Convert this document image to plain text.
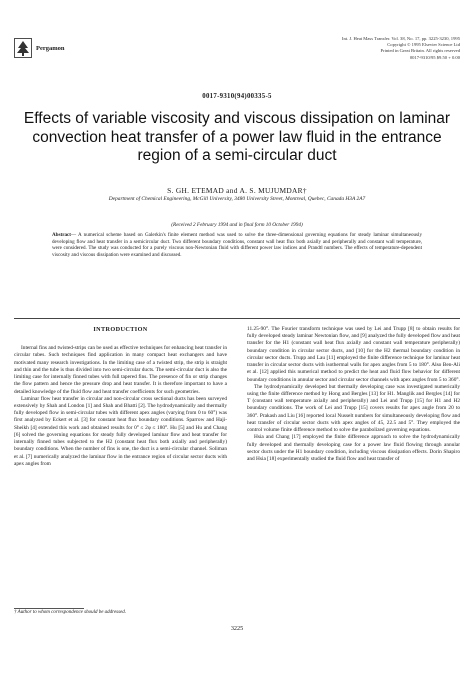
Pergamon
Int. J. Heat Mass Transfer. Vol. 38, No. 17, pp. 3225-3230, 1995
Copyright © 1995 Elsevier Science Ltd
Printed in Great Britain. All rights reserved
0017-9310/95 $9.50 + 0.00
0017-9310(94)00335-5
Effects of variable viscosity and viscous dissipation on laminar convection heat transfer of a power law fluid in the entrance region of a semi-circular duct
S. GH. ETEMAD and A. S. MUJUMDAR†
Department of Chemical Engineering, McGill University, 3480 University Street, Montreal, Quebec, Canada H3A 2A7
(Received 2 February 1994 and in final form 10 October 1994)
Abstract— A numerical scheme based on Galerkin's finite element method was used to solve the three-dimensional governing equations for steady laminar simultaneously developing flow and heat transfer in a semicircular duct. Two different boundary conditions, constant wall heat flux both axially and peripherally and constant wall temperature, were considered. The study was conducted for a purely viscous non-Newtonian fluid with different power law indices and Prandtl numbers. The effects of temperature-dependent viscosity and viscous dissipation were examined and discussed.
INTRODUCTION

Internal fins and twisted-strips can be used as effective techniques for enhancing heat transfer in circular tubes. Such techniques find application in many compact heat exchangers and have motivated many research investigations. In the limiting case of a twisted strip, the strip is straight and thin and the tube is thus divided into two semi-circular ducts. The semi-circular duct is also the limiting case for internally finned tubes with full tapered fins. The presence of fin or strip changes the flow pattern and hence the pressure drop and heat transfer. It is therefore important to have a detailed knowledge of the fluid flow and heat transfer coefficients for such geometries.

Laminar flow heat transfer in circular and non-circular cross sectional ducts has been surveyed extensively by Shah and London [1] and Shah and Bhatti [2]. The hydrodynamically and thermally fully developed flow in semi-circular tubes with different apex angles (varying from 0 to 60°) was first analyzed by Eckert et al. [3] for constant heat flux boundary conditions. Sparrow and Haji-Sheikh [4] extended this work and obtained results for 0° ≤ 2φ ≤ 180°. Hu [5] and Hu and Chang [6] solved the governing equations for steady fully developed laminar flow and heat transfer for internally finned tubes subjected to the H2 (constant heat flux both axially and peripherally) boundary conditions. When the number of fins is one, the duct is a semi-circular channel. Soliman et al. [7] numerically analyzed the laminar flow in the entrance region of circular sector ducts with apex angles from

11.25-90°. The Fourier transform technique was used by Lei and Trupp [8] to obtain results for fully developed steady laminar Newtonian flow, and [9] analyzed the fully developed flow and heat transfer for the H1 (constant wall heat flux axially and constant wall temperature peripherally) boundary condition in circular sector ducts, and [10] for the H2 thermal boundary condition in circular sector ducts. Trupp and Lau [11] employed the finite difference technique for laminar heat transfer in circular sector ducts with isothermal walls for apex angles from 5 to 180°. Also Ben-Ali et al. [12] applied this numerical method to predict the heat and fluid flow behavior for different boundary conditions in annular sector and circular sector channels with apex angles from 5 to 360°.

The hydrodynamically developed but thermally developing case was investigated numerically using the finite difference method by Hong and Bergles [13] for H1. Manglik and Bergles [14] for T (constant wall temperature axially and peripherally) and Lei and Trupp [15] for H1 and H2 boundary conditions. The work of Lei and Trupp [15] covers results for apex angle from 20 to 360°. Prakash and Liu [16] reported local Nusselt numbers for simultaneously developing flow and heat transfer of circular sector ducts with apex angles of 45, 22.5 and 5°. They employed the control volume finite difference method to solve the parabolized governing equations.

Hsia and Chang [17] employed the finite difference approach to solve the hydrodynamically fully developed and thermally developing case for a power law fluid flowing through annular sector ducts under the H1 boundary condition, including viscous dissipation effects. Dorin Shapiro and Hsia [18] experimentally studied the fluid flow and heat transfer of

† Author to whom correspondence should be addressed.
3225
